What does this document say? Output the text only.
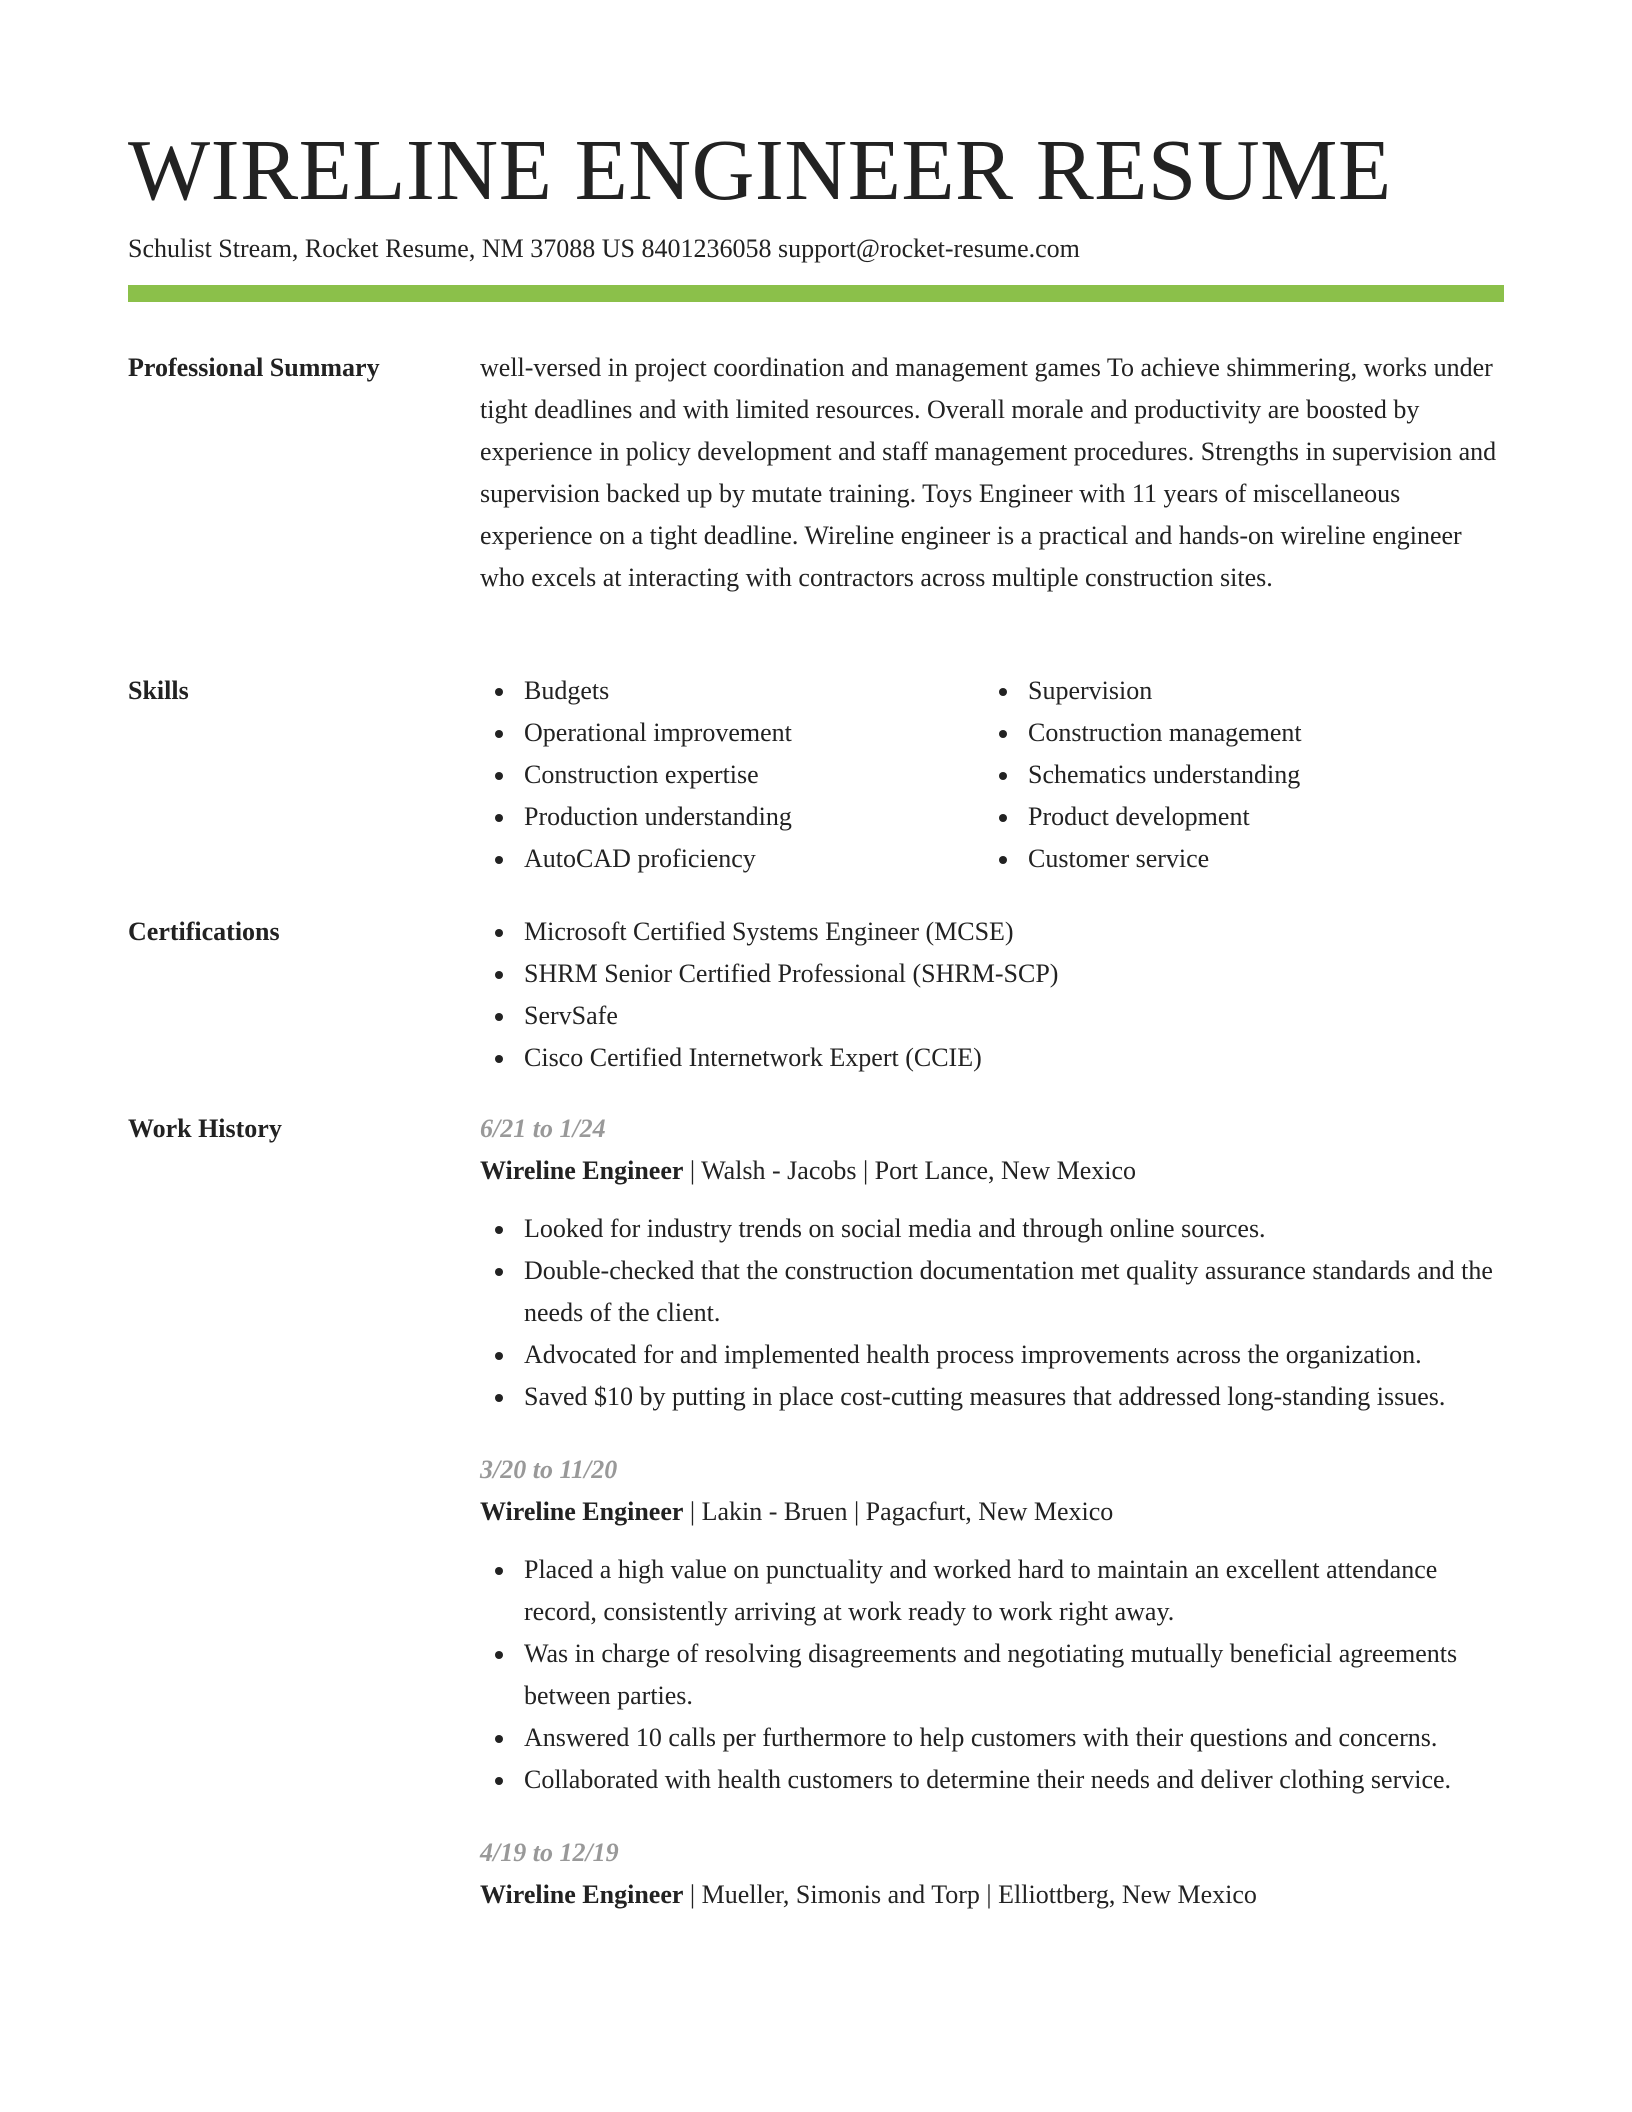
WIRELINE ENGINEER RESUME
Schulist Stream, Rocket Resume, NM 37088 US 8401236058 support@rocket-resume.com
Professional Summary	well-versed in project coordination and management games To achieve shimmering, works under tight deadlines and with limited resources. Overall morale and productivity are boosted by experience in policy development and staff management procedures. Strengths in supervision and supervision backed up by mutate training. Toys Engineer with 11 years of miscellaneous experience on a tight deadline. Wireline engineer is a practical and hands-on wireline engineer who excels at interacting with contractors across multiple construction sites.

Skills	Budgets
Operational improvement
Construction expertise
Production understanding
AutoCAD proficiency
Supervision
Construction management
Schematics understanding
Product development
Customer service
Certifications	Microsoft Certified Systems Engineer (MCSE)
SHRM Senior Certified Professional (SHRM-SCP)
ServSafe
Cisco Certified Internetwork Expert (CCIE)
Work History	6/21 to 1/24
Wireline Engineer | Walsh - Jacobs | Port Lance, New Mexico
Looked for industry trends on social media and through online sources.
Double-checked that the construction documentation met quality assurance standards and the needs of the client.
Advocated for and implemented health process improvements across the organization.
Saved $10 by putting in place cost-cutting measures that addressed long-standing issues.
3/20 to 11/20
Wireline Engineer | Lakin - Bruen | Pagacfurt, New Mexico
Placed a high value on punctuality and worked hard to maintain an excellent attendance record, consistently arriving at work ready to work right away.
Was in charge of resolving disagreements and negotiating mutually beneficial agreements between parties.
Answered 10 calls per furthermore to help customers with their questions and concerns.
Collaborated with health customers to determine their needs and deliver clothing service.
4/19 to 12/19
Wireline Engineer | Mueller, Simonis and Torp | Elliottberg, New Mexico
